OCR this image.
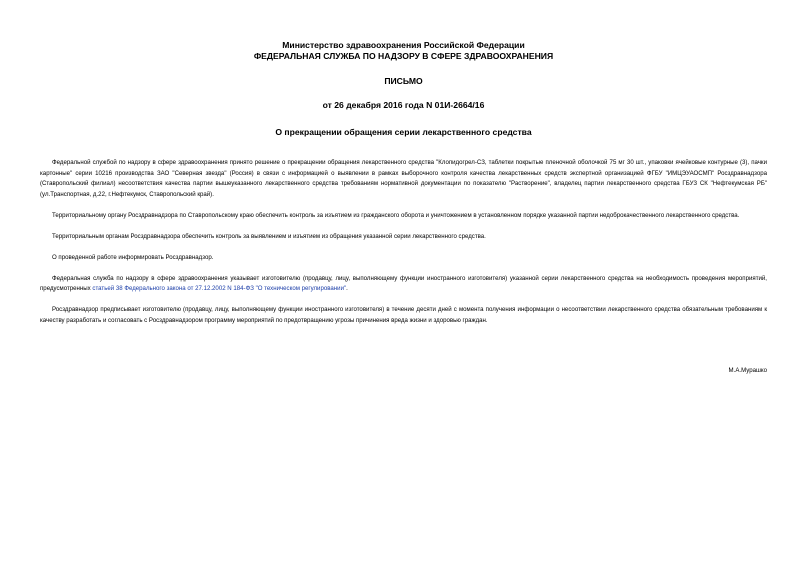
Министерство здравоохранения Российской Федерации
ФЕДЕРАЛЬНАЯ СЛУЖБА ПО НАДЗОРУ В СФЕРЕ ЗДРАВООХРАНЕНИЯ
ПИСЬМО
от 26 декабря 2016 года N 01И-2664/16
О прекращении обращения серии лекарственного средства

Федеральной службой по надзору в сфере здравоохранения принято решение о прекращении обращения лекарственного средства "Клопидогрел-СЗ, таблетки покрытые пленочной оболочкой 75 мг 30 шт., упаковки ячейковые контурные (3), пачки картонные" серии 10216 производства ЗАО "Северная звезда" (Россия) в связи с информацией о выявлении в рамках выборочного контроля качества лекарственных средств экспертной организацией ФГБУ "ИМЦЭУАОСМП" Росздравнадзора (Ставропольский филиал) несоответствия качества партии вышеуказанного лекарственного средства требованиям нормативной документации по показателю "Растворение", владелец партии лекарственного средства ГБУЗ СК "Нефтекумская РБ" (ул.Транспортная, д.22, г.Нефтекумск, Ставропольский край).

Территориальному органу Росздравнадзора по Ставропольскому краю обеспечить контроль за изъятием из гражданского оборота и уничтожением в установленном порядке указанной партии недоброкачественного лекарственного средства.

Территориальным органам Росздравнадзора обеспечить контроль за выявлением и изъятием из обращения указанной серии лекарственного средства.

О проведенной работе информировать Росздравнадзор.

Федеральная служба по надзору в сфере здравоохранения указывает изготовителю (продавцу, лицу, выполняющему функции иностранного изготовителя) указанной серии лекарственного средства на необходимость проведения мероприятий, предусмотренных статьей 38 Федерального закона от 27.12.2002 N 184-ФЗ "О техническом регулировании".

Росздравнадзор предписывает изготовителю (продавцу, лицу, выполняющему функции иностранного изготовителя) в течение десяти дней с момента получения информации о несоответствии лекарственного средства обязательным требованиям к качеству разработать и согласовать с Росздравнадзором программу мероприятий по предотвращению угрозы причинения вреда жизни и здоровью граждан.

М.А.Мурашко
